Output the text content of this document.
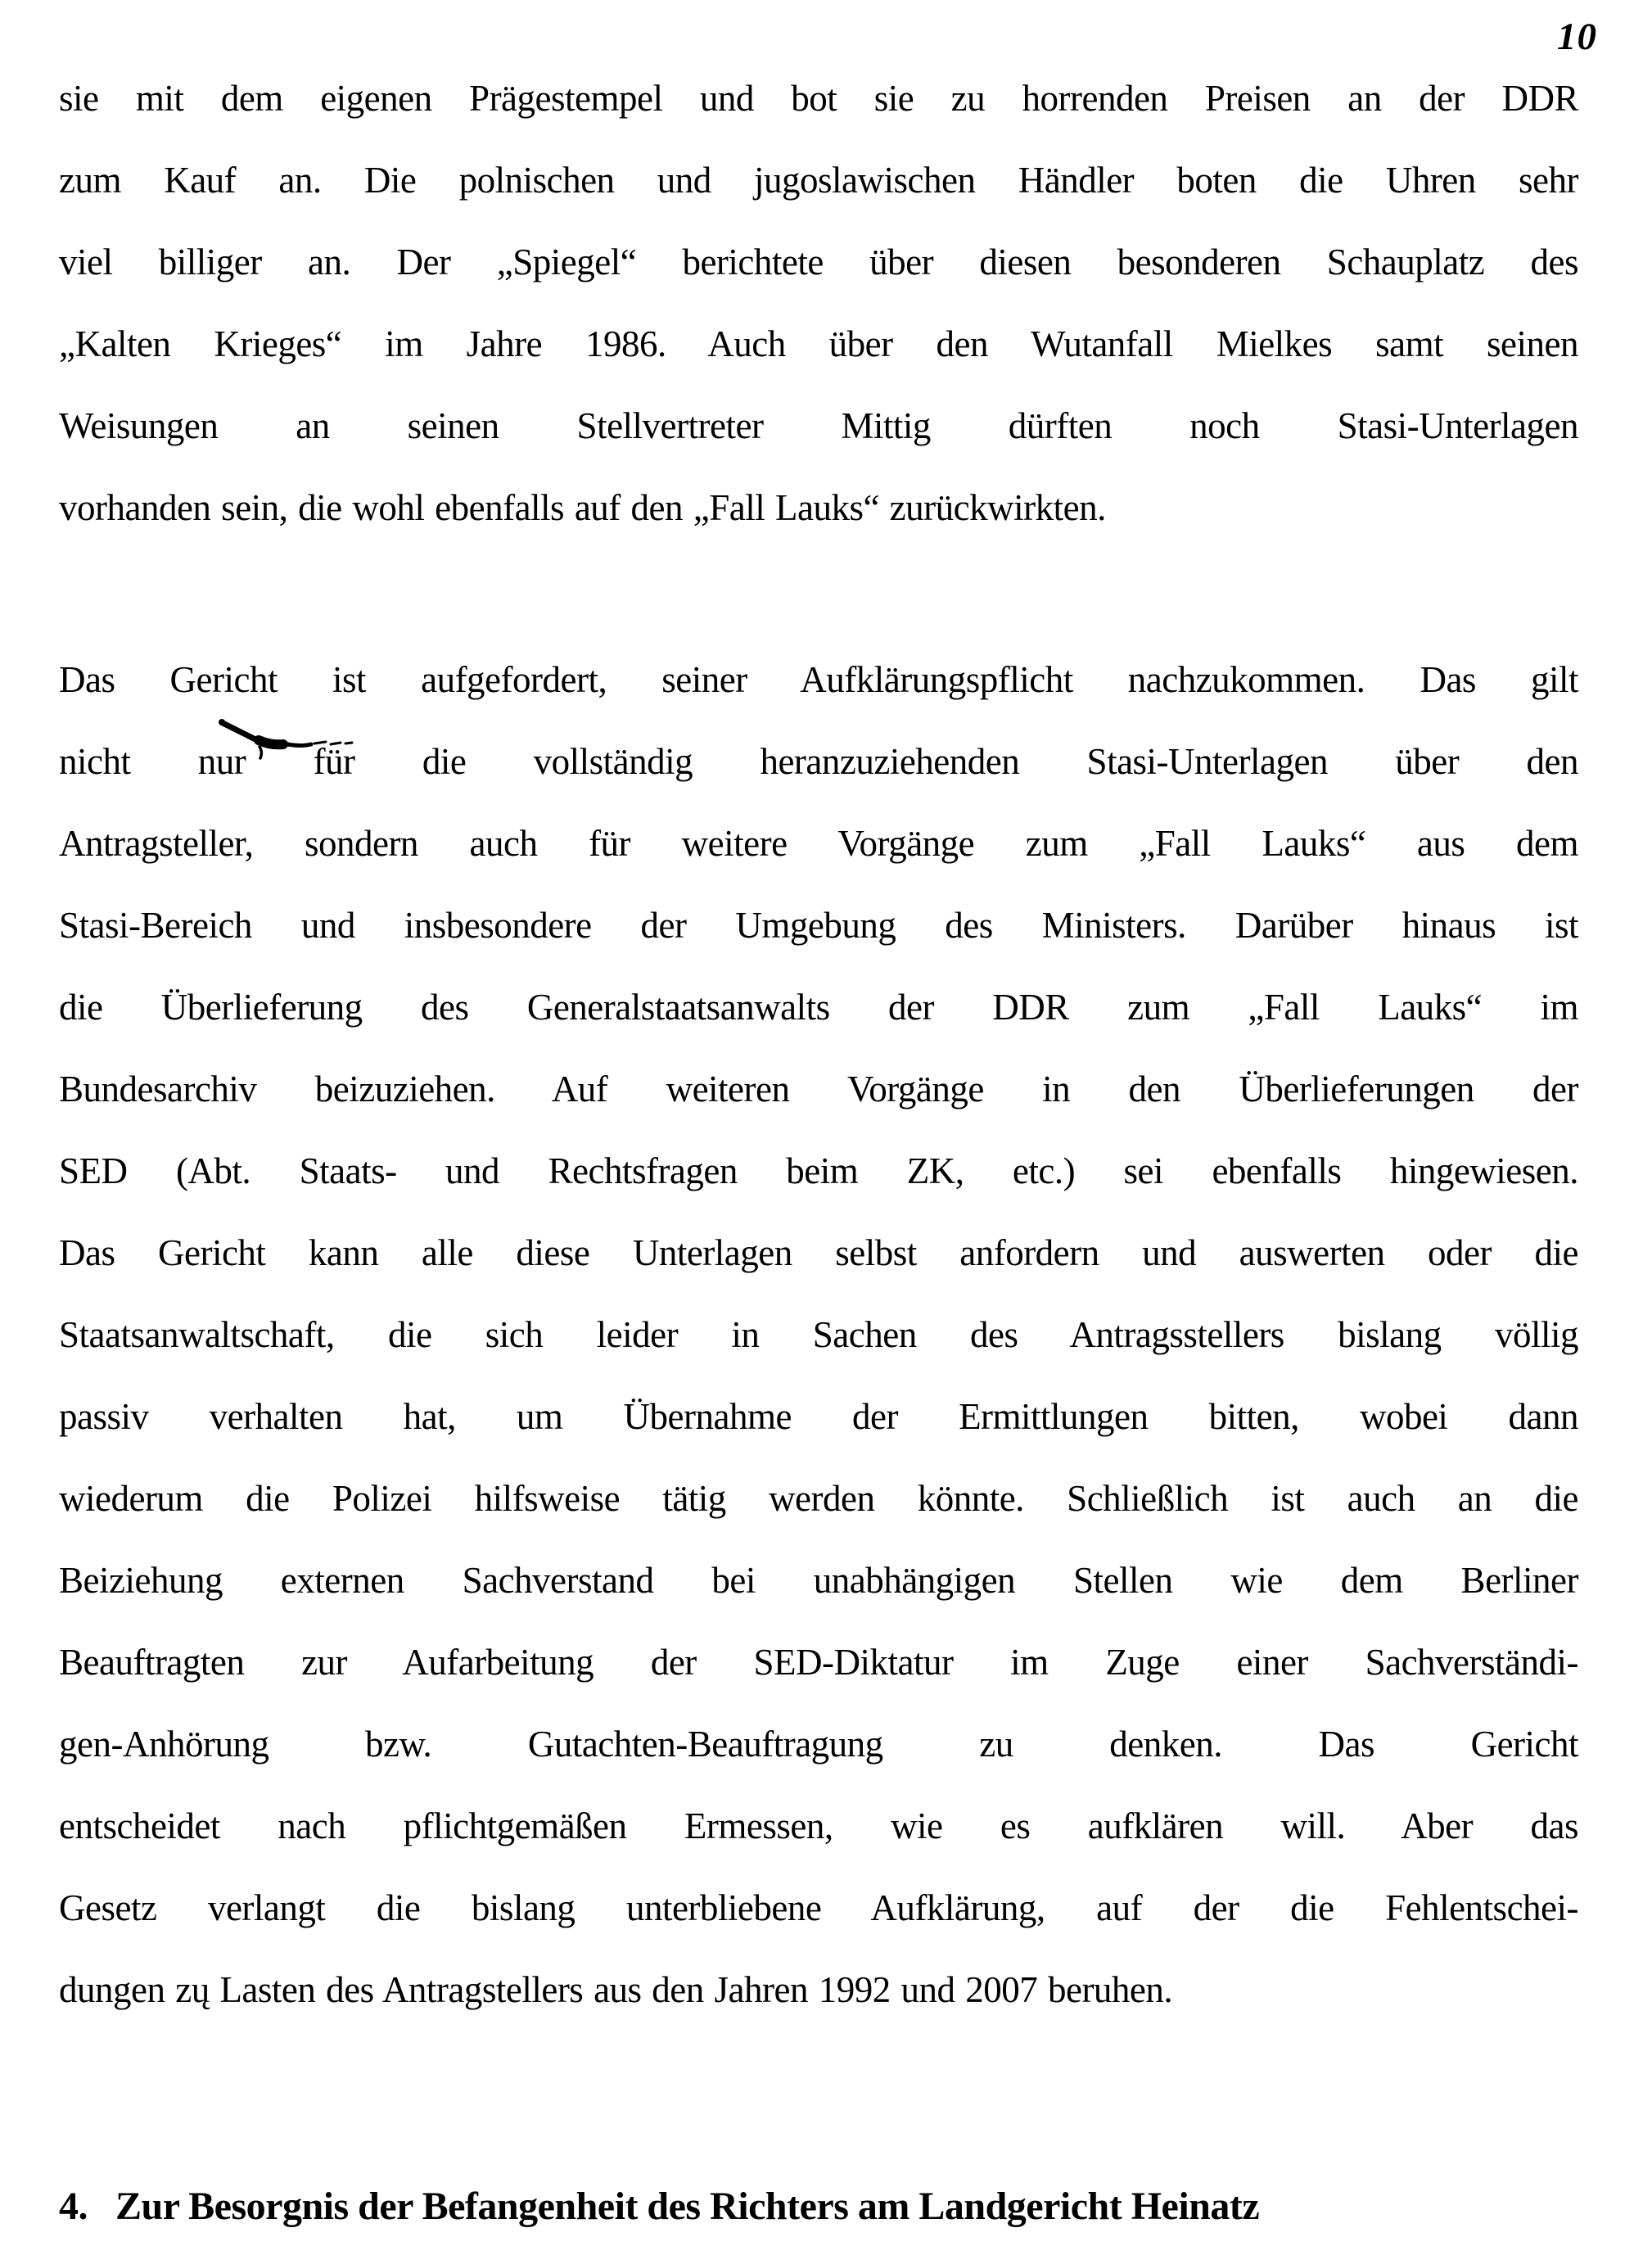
10
sie mit dem eigenen Prägestempel und bot sie zu horrenden Preisen an der DDR
zum Kauf an. Die polnischen und jugoslawischen Händler boten die Uhren sehr
viel billiger an. Der „Spiegel“ berichtete über diesen besonderen Schauplatz des
„Kalten Krieges“ im Jahre 1986. Auch über den Wutanfall Mielkes samt seinen
Weisungen an seinen Stellvertreter Mittig dürften noch Stasi-Unterlagen
vorhanden sein, die wohl ebenfalls auf den „Fall Lauks“ zurückwirkten.
Das Gericht ist aufgefordert, seiner Aufklärungspflicht nachzukommen. Das gilt
nicht nur für die vollständig heranzuziehenden Stasi-Unterlagen über den
Antragsteller, sondern auch für weitere Vorgänge zum „Fall Lauks“ aus dem
Stasi-Bereich und insbesondere der Umgebung des Ministers. Darüber hinaus ist
die Überlieferung des Generalstaatsanwalts der DDR zum „Fall Lauks“ im
Bundesarchiv beizuziehen. Auf weiteren Vorgänge in den Überlieferungen der
SED (Abt. Staats- und Rechtsfragen beim ZK, etc.) sei ebenfalls hingewiesen.
Das Gericht kann alle diese Unterlagen selbst anfordern und auswerten oder die
Staatsanwaltschaft, die sich leider in Sachen des Antragsstellers bislang völlig
passiv verhalten hat, um Übernahme der Ermittlungen bitten, wobei dann
wiederum die Polizei hilfsweise tätig werden könnte. Schließlich ist auch an die
Beiziehung externen Sachverstand bei unabhängigen Stellen wie dem Berliner
Beauftragten zur Aufarbeitung der SED-Diktatur im Zuge einer Sachverständi-
gen-Anhörung bzw. Gutachten-Beauftragung zu denken. Das Gericht
entscheidet nach pflichtgemäßen Ermessen, wie es aufklären will. Aber das
Gesetz verlangt die bislang unterbliebene Aufklärung, auf der die Fehlentschei-
dungen zų Lasten des Antragstellers aus den Jahren 1992 und 2007 beruhen.
4. Zur Besorgnis der Befangenheit des Richters am Landgericht Heinatz
